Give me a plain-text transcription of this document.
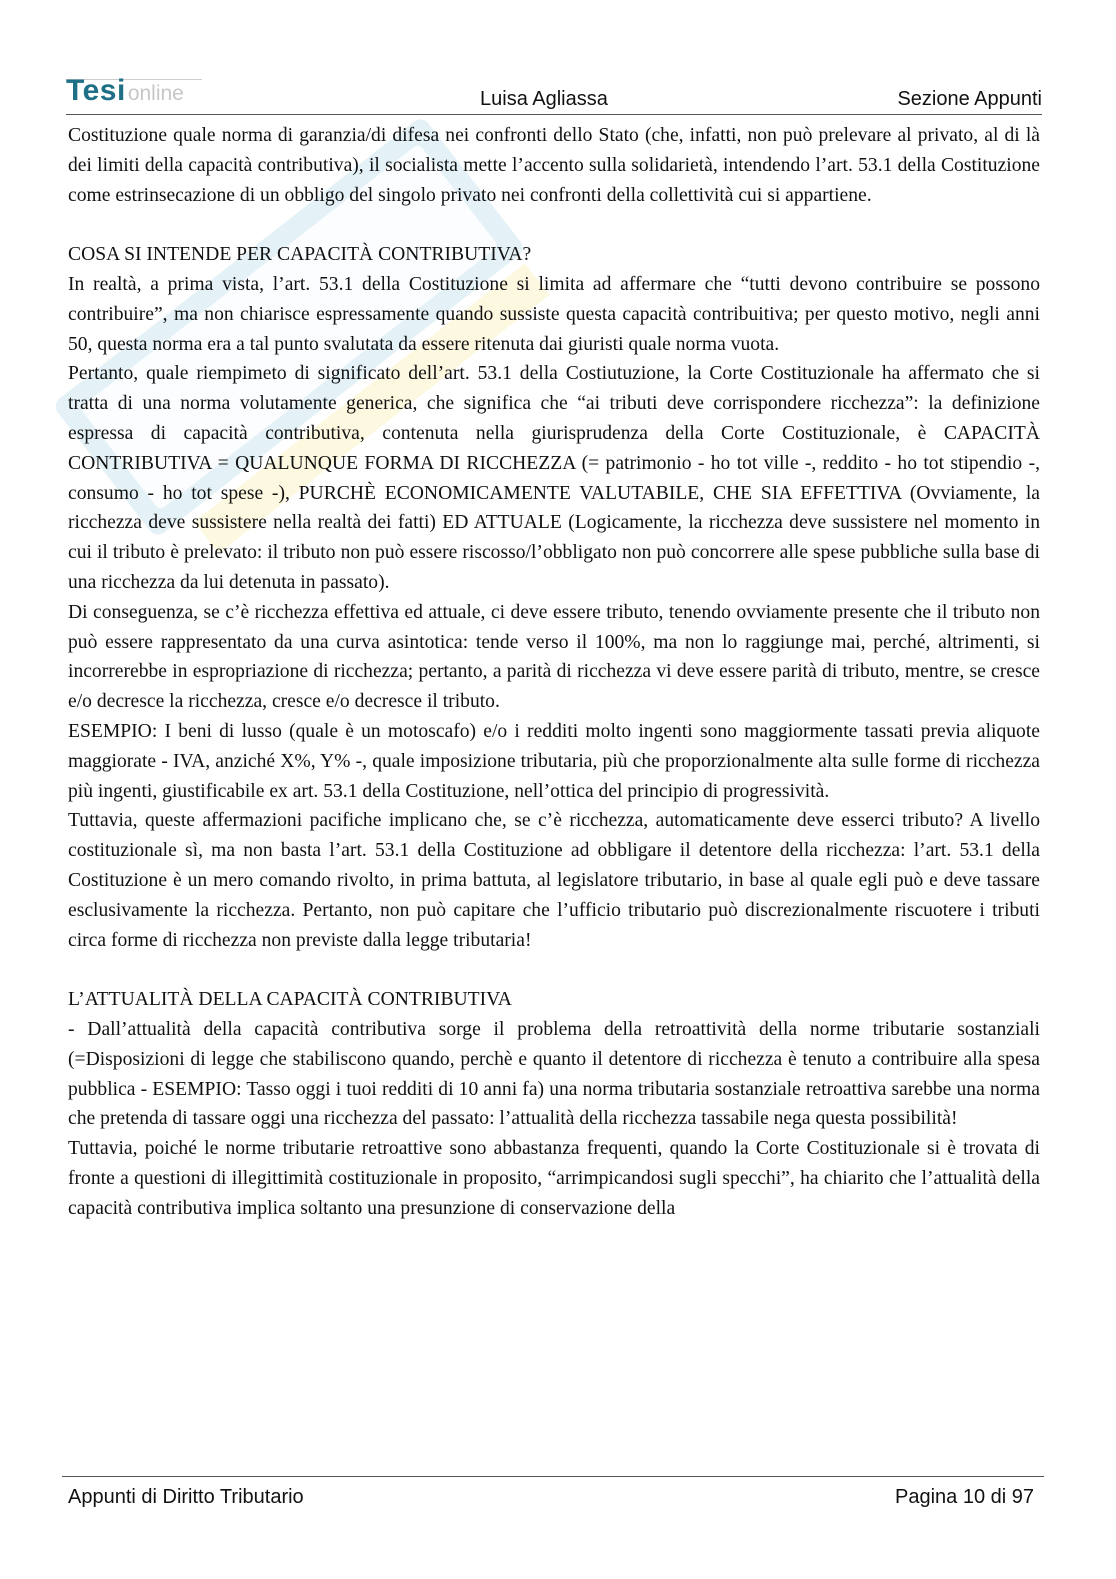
Tesionline	Luisa Agliassa	Sezione Appunti

Costituzione quale norma di garanzia/di difesa nei confronti dello Stato (che, infatti, non può prelevare al privato, al di là dei limiti della capacità contributiva), il socialista mette l’accento sulla solidarietà, intendendo l’art. 53.1 della Costituzione come estrinsecazione di un obbligo del singolo privato nei confronti della collettività cui si appartiene.

COSA SI INTENDE PER CAPACITÀ CONTRIBUTIVA?

In realtà, a prima vista, l’art. 53.1 della Costituzione si limita ad affermare che “tutti devono contribuire se possono contribuire”, ma non chiarisce espressamente quando sussiste questa capacità contribuitiva; per questo motivo, negli anni 50, questa norma era a tal punto svalutata da essere ritenuta dai giuristi quale norma vuota.

Pertanto, quale riempimeto di significato dell’art. 53.1 della Costiutuzione, la Corte Costituzionale ha affermato che si tratta di una norma volutamente generica, che significa che “ai tributi deve corrispondere ricchezza”: la definizione espressa di capacità contributiva, contenuta nella giurisprudenza della Corte Costituzionale, è CAPACITÀ CONTRIBUTIVA = QUALUNQUE FORMA DI RICCHEZZA (= patrimonio - ho tot ville -, reddito - ho tot stipendio -, consumo - ho tot spese -), PURCHÈ ECONOMICAMENTE VALUTABILE, CHE SIA EFFETTIVA (Ovviamente, la ricchezza deve sussistere nella realtà dei fatti) ED ATTUALE (Logicamente, la ricchezza deve sussistere nel momento in cui il tributo è prelevato: il tributo non può essere riscosso/l’obbligato non può concorrere alle spese pubbliche sulla base di una ricchezza da lui detenuta in passato).

Di conseguenza, se c’è ricchezza effettiva ed attuale, ci deve essere tributo, tenendo ovviamente presente che il tributo non può essere rappresentato da una curva asintotica: tende verso il 100%, ma non lo raggiunge mai, perché, altrimenti, si incorrerebbe in espropriazione di ricchezza; pertanto, a parità di ricchezza vi deve essere parità di tributo, mentre, se cresce e/o decresce la ricchezza, cresce e/o decresce il tributo.

ESEMPIO: I beni di lusso (quale è un motoscafo) e/o i redditi molto ingenti sono maggiormente tassati previa aliquote maggiorate - IVA, anziché X%, Y% -, quale imposizione tributaria, più che proporzionalmente alta sulle forme di ricchezza più ingenti, giustificabile ex art. 53.1 della Costituzione, nell’ottica del principio di progressività.

Tuttavia, queste affermazioni pacifiche implicano che, se c’è ricchezza, automaticamente deve esserci tributo? A livello costituzionale sì, ma non basta l’art. 53.1 della Costituzione ad obbligare il detentore della ricchezza: l’art. 53.1 della Costituzione è un mero comando rivolto, in prima battuta, al legislatore tributario, in base al quale egli può e deve tassare esclusivamente la ricchezza. Pertanto, non può capitare che l’ufficio tributario può discrezionalmente riscuotere i tributi circa forme di ricchezza non previste dalla legge tributaria!

L’ATTUALITÀ DELLA CAPACITÀ CONTRIBUTIVA

- Dall’attualità della capacità contributiva sorge il problema della retroattività della norme tributarie sostanziali (=Disposizioni di legge che stabiliscono quando, perchè e quanto il detentore di ricchezza è tenuto a contribuire alla spesa pubblica - ESEMPIO: Tasso oggi i tuoi redditi di 10 anni fa) una norma tributaria sostanziale retroattiva sarebbe una norma che pretenda di tassare oggi una ricchezza del passato: l’attualità della ricchezza tassabile nega questa possibilità!

Tuttavia, poiché le norme tributarie retroattive sono abbastanza frequenti, quando la Corte Costituzionale si è trovata di fronte a questioni di illegittimità costituzionale in proposito, “arrimpicandosi sugli specchi”, ha chiarito che l’attualità della capacità contributiva implica soltanto una presunzione di conservazione della

Appunti di Diritto Tributario	Pagina 10 di 97
